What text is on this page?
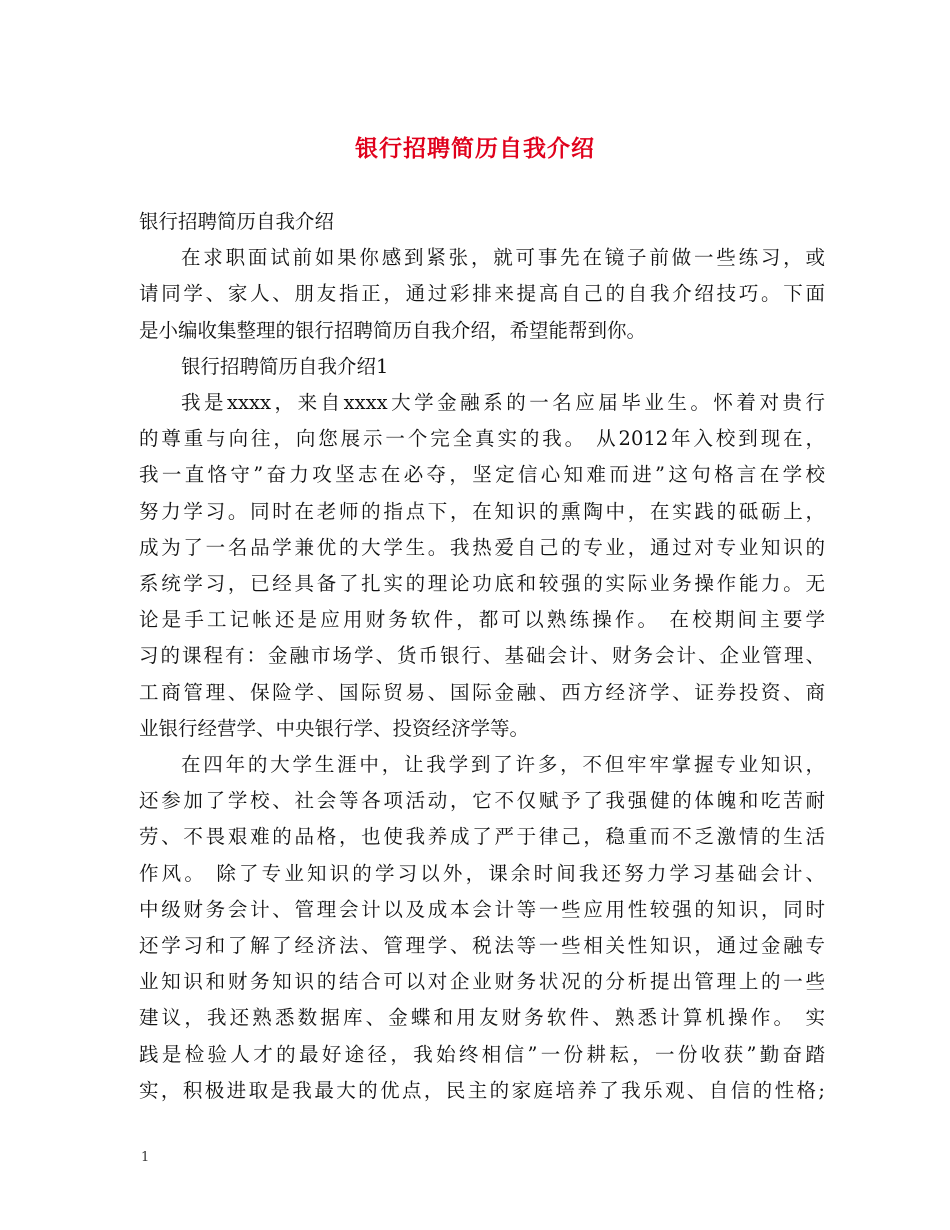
银行招聘简历自我介绍
银行招聘简历自我介绍
在求职面试前如果你感到紧张，就可事先在镜子前做一些练习，或
请同学、家人、朋友指正，通过彩排来提高自己的自我介绍技巧。下面
是小编收集整理的银行招聘简历自我介绍，希望能帮到你。
银行招聘简历自我介绍1
我是xxxx，来自xxxx大学金融系的一名应届毕业生。怀着对贵行
的尊重与向往，向您展示一个完全真实的我。 从2012年入校到现在，
我一直恪守”奋力攻坚志在必夺，坚定信心知难而进”这句格言在学校
努力学习。同时在老师的指点下，在知识的熏陶中，在实践的砥砺上，
成为了一名品学兼优的大学生。我热爱自己的专业，通过对专业知识的
系统学习，已经具备了扎实的理论功底和较强的实际业务操作能力。无
论是手工记帐还是应用财务软件，都可以熟练操作。 在校期间主要学
习的课程有：金融市场学、货币银行、基础会计、财务会计、企业管理、
工商管理、保险学、国际贸易、国际金融、西方经济学、证券投资、商
业银行经营学、中央银行学、投资经济学等。
在四年的大学生涯中，让我学到了许多，不但牢牢掌握专业知识，
还参加了学校、社会等各项活动，它不仅赋予了我强健的体魄和吃苦耐
劳、不畏艰难的品格，也使我养成了严于律己，稳重而不乏激情的生活
作风。 除了专业知识的学习以外，课余时间我还努力学习基础会计、
中级财务会计、管理会计以及成本会计等一些应用性较强的知识，同时
还学习和了解了经济法、管理学、税法等一些相关性知识，通过金融专
业知识和财务知识的结合可以对企业财务状况的分析提出管理上的一些
建议，我还熟悉数据库、金蝶和用友财务软件、熟悉计算机操作。 实
践是检验人才的最好途径，我始终相信”一份耕耘，一份收获”勤奋踏
实，积极进取是我最大的优点，民主的家庭培养了我乐观、自信的性格;
1
